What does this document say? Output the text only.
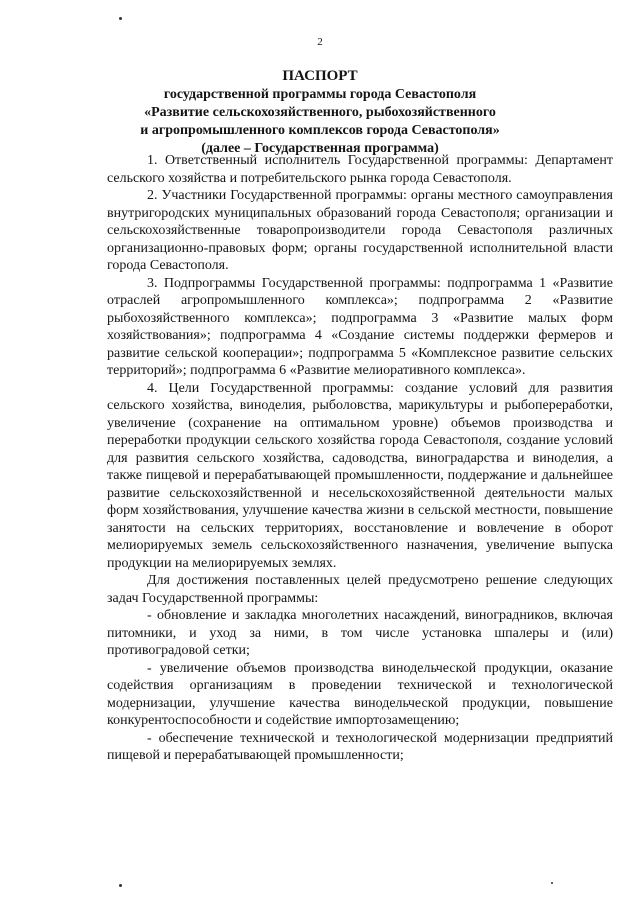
2
ПАСПОРТ
государственной программы города Севастополя
«Развитие сельскохозяйственного, рыбохозяйственного
и агропромышленного комплексов города Севастополя»
(далее – Государственная программа)

1. Ответственный исполнитель Государственной программы: Департамент сельского хозяйства и потребительского рынка города Севастополя.

2. Участники Государственной программы: органы местного самоуправления внутригородских муниципальных образований города Севастополя; организации и сельскохозяйственные товаропроизводители города Севастополя различных организационно-правовых форм; органы государственной исполнительной власти города Севастополя.

3. Подпрограммы Государственной программы: подпрограмма 1 «Развитие отраслей агропромышленного комплекса»; подпрограмма 2 «Развитие рыбохозяйственного комплекса»; подпрограмма 3 «Развитие малых форм хозяйствования»; подпрограмма 4 «Создание системы поддержки фермеров и развитие сельской кооперации»; подпрограмма 5 «Комплексное развитие сельских территорий»; подпрограмма 6 «Развитие мелиоративного комплекса».

4. Цели Государственной программы: создание условий для развития сельского хозяйства, виноделия, рыболовства, марикультуры и рыбопереработки, увеличение (сохранение на оптимальном уровне) объемов производства и переработки продукции сельского хозяйства города Севастополя, создание условий для развития сельского хозяйства, садоводства, виноградарства и виноделия, а также пищевой и перерабатывающей промышленности, поддержание и дальнейшее развитие сельскохозяйственной и несельскохозяйственной деятельности малых форм хозяйствования, улучшение качества жизни в сельской местности, повышение занятости на сельских территориях, восстановление и вовлечение в оборот мелиорируемых земель сельскохозяйственного назначения, увеличение выпуска продукции на мелиорируемых землях.

Для достижения поставленных целей предусмотрено решение следующих задач Государственной программы:

- обновление и закладка многолетних насаждений, виноградников, включая питомники, и уход за ними, в том числе установка шпалеры и (или) противоградовой сетки;

- увеличение объемов производства винодельческой продукции, оказание содействия организациям в проведении технической и технологической модернизации, улучшение качества винодельческой продукции, повышение конкурентоспособности и содействие импортозамещению;

- обеспечение технической и технологической модернизации предприятий пищевой и перерабатывающей промышленности;
